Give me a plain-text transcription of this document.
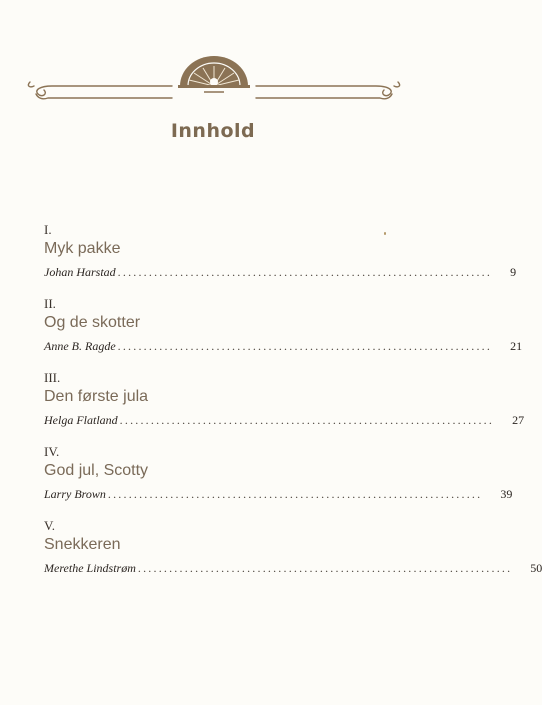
Innhold
I.
Myk pakke
Johan Harstad ........................................................................ 9
II.
Og de skotter
Anne B. Ragde ........................................................................ 21
III.
Den første jula
Helga Flatland ........................................................................ 27
IV.
God jul, Scotty
Larry Brown ........................................................................ 39
V.
Snekkeren
Merethe Lindstrøm ........................................................................ 50
